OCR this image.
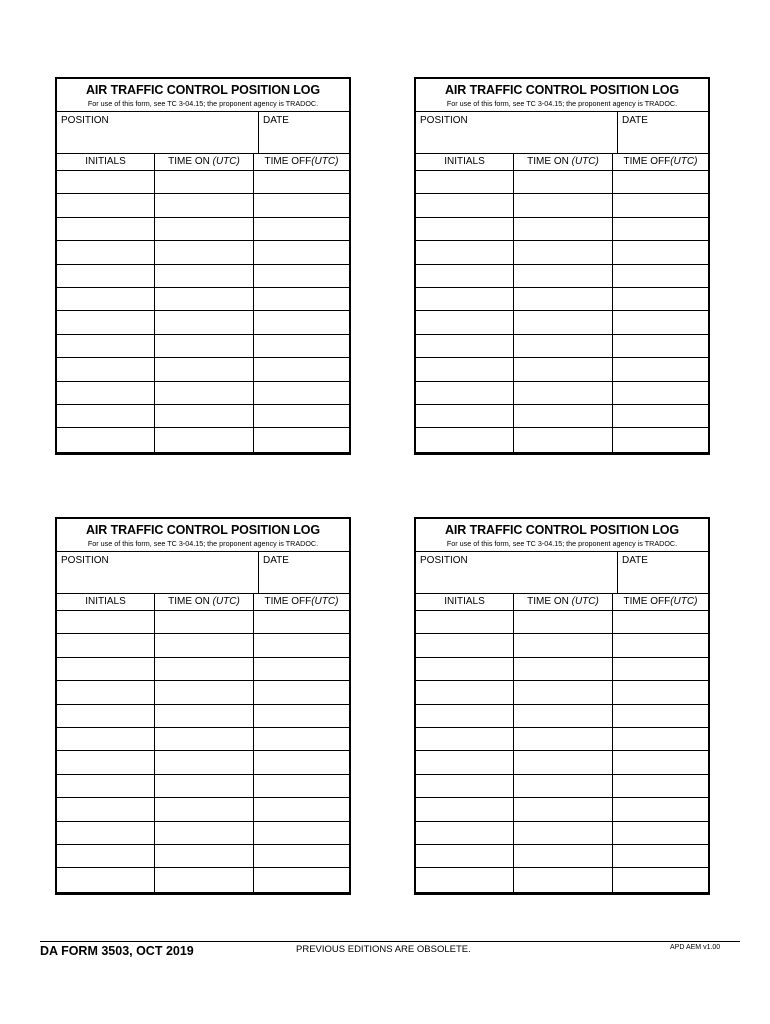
AIR TRAFFIC CONTROL POSITION LOG
For use of this form, see TC 3-04.15; the proponent agency is TRADOC.
POSITION	DATE
INITIALS	TIME ON (UTC)	TIME OFF(UTC)
AIR TRAFFIC CONTROL POSITION LOG
For use of this form, see TC 3-04.15; the proponent agency is TRADOC.
POSITION	DATE
INITIALS	TIME ON (UTC)	TIME OFF(UTC)
AIR TRAFFIC CONTROL POSITION LOG
For use of this form, see TC 3-04.15; the proponent agency is TRADOC.
POSITION	DATE
INITIALS	TIME ON (UTC)	TIME OFF(UTC)
AIR TRAFFIC CONTROL POSITION LOG
For use of this form, see TC 3-04.15; the proponent agency is TRADOC.
POSITION	DATE
INITIALS	TIME ON (UTC)	TIME OFF(UTC)
DA FORM 3503, OCT 2019	PREVIOUS EDITIONS ARE OBSOLETE.	APD AEM v1.00
